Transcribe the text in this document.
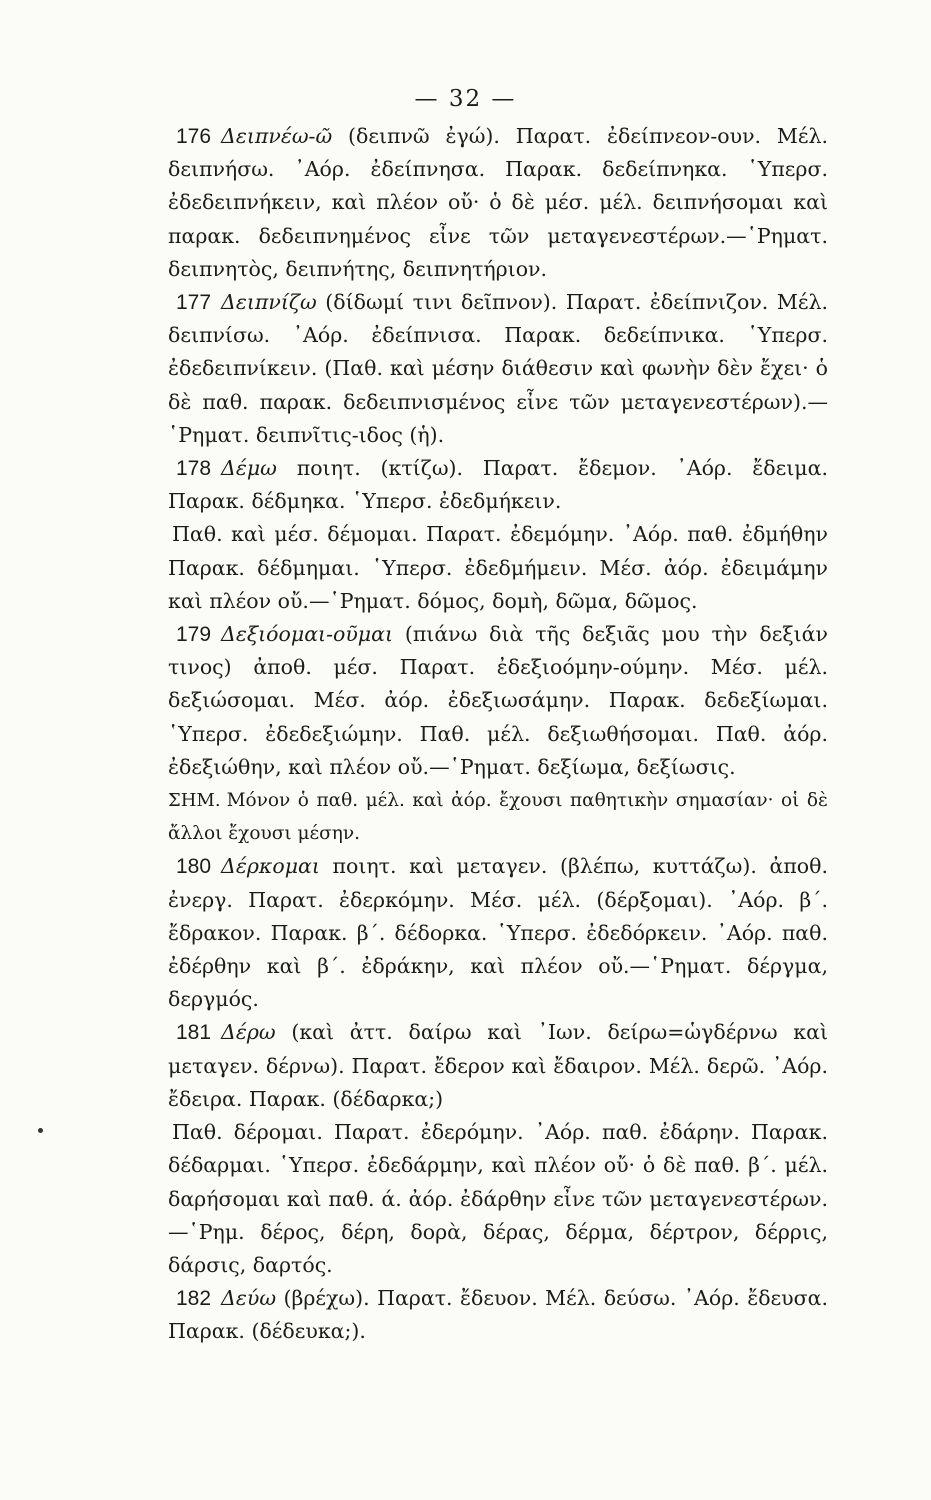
— 32 —

176 Δειπνέω-ῶ (δειπνῶ ἐγώ). Παρατ. ἐδείπνεον-ουν. Μέλ. δειπνήσω. ᾿Αόρ. ἐδείπνησα. Παρακ. δεδείπνηκα. ῾Υπερσ. ἐδεδειπνήκειν, καὶ πλέον οὔ· ὁ δὲ μέσ. μέλ. δειπνήσομαι καὶ παρακ. δεδειπνημένος εἶνε τῶν μεταγενεστέρων.—῾Ρηματ. δειπνητὸς, δειπνήτης, δειπνητήριον.

177 Δειπνίζω (δίδωμί τινι δεῖπνον). Παρατ. ἐδείπνιζον. Μέλ. δειπνίσω. ᾿Αόρ. ἐδείπνισα. Παρακ. δεδείπνικα. ῾Υπερσ. ἐδεδειπνίκειν. (Παθ. καὶ μέσην διάθεσιν καὶ φωνὴν δὲν ἔχει· ὁ δὲ παθ. παρακ. δεδειπνισμένος εἶνε τῶν μεταγενεστέρων).—῾Ρηματ. δειπνῖτις-ιδος (ἡ).

178 Δέμω ποιητ. (κτίζω). Παρατ. ἔδεμον. ᾿Αόρ. ἔδειμα. Παρακ. δέδμηκα. ῾Υπερσ. ἐδεδμήκειν.

Παθ. καὶ μέσ. δέμομαι. Παρατ. ἐδεμόμην. ᾿Αόρ. παθ. ἐδμήθην Παρακ. δέδμημαι. ῾Υπερσ. ἐδεδμήμειν. Μέσ. ἀόρ. ἐδειμάμην καὶ πλέον οὔ.—῾Ρηματ. δόμος, δομὴ, δῶμα, δῶμος.

179 Δεξιόομαι-οῦμαι (πιάνω διὰ τῆς δεξιᾶς μου τὴν δεξιάν τινος) ἀποθ. μέσ. Παρατ. ἐδεξιοόμην-ούμην. Μέσ. μέλ. δεξιώσομαι. Μέσ. ἀόρ. ἐδεξιωσάμην. Παρακ. δεδεξίωμαι. ῾Υπερσ. ἐδεδεξιώμην. Παθ. μέλ. δεξιωθήσομαι. Παθ. ἀόρ. ἐδεξιώθην, καὶ πλέον οὔ.—῾Ρηματ. δεξίωμα, δεξίωσις.

ΣΗΜ. Μόνον ὁ παθ. μέλ. καὶ ἀόρ. ἔχουσι παθητικὴν σημασίαν· οἱ δὲ ἄλλοι ἔχουσι μέσην.

180 Δέρκομαι ποιητ. καὶ μεταγεν. (βλέπω, κυττάζω). ἀποθ. ἐνεργ. Παρατ. ἐδερκόμην. Μέσ. μέλ. (δέρξομαι). ᾿Αόρ. β΄. ἔδρακον. Παρακ. β΄. δέδορκα. ῾Υπερσ. ἐδεδόρκειν. ᾿Αόρ. παθ. ἐδέρθην καὶ β΄. ἐδράκην, καὶ πλέον οὔ.—῾Ρηματ. δέργμα, δεργμός.

181 Δέρω (καὶ ἀττ. δαίρω καὶ ᾿Ιων. δείρω=ὡγδέρνω καὶ μεταγεν. δέρνω). Παρατ. ἔδερον καὶ ἔδαιρον. Μέλ. δερῶ. ᾿Αόρ. ἔδειρα. Παρακ. (δέδαρκα;)

Παθ. δέρομαι. Παρατ. ἐδερόμην. ᾿Αόρ. παθ. ἐδάρην. Παρακ. δέδαρμαι. ῾Υπερσ. ἐδεδάρμην, καὶ πλέον οὔ· ὁ δὲ παθ. β΄. μέλ. δαρήσομαι καὶ παθ. ά. ἀόρ. ἐδάρθην εἶνε τῶν μεταγενεστέρων.—῾Ρημ. δέρος, δέρη, δορὰ, δέρας, δέρμα, δέρτρον, δέρρις, δάρσις, δαρτός.

182 Δεύω (βρέχω). Παρατ. ἔδευον. Μέλ. δεύσω. ᾿Αόρ. ἔδευσα. Παρακ. (δέδευκα;).
